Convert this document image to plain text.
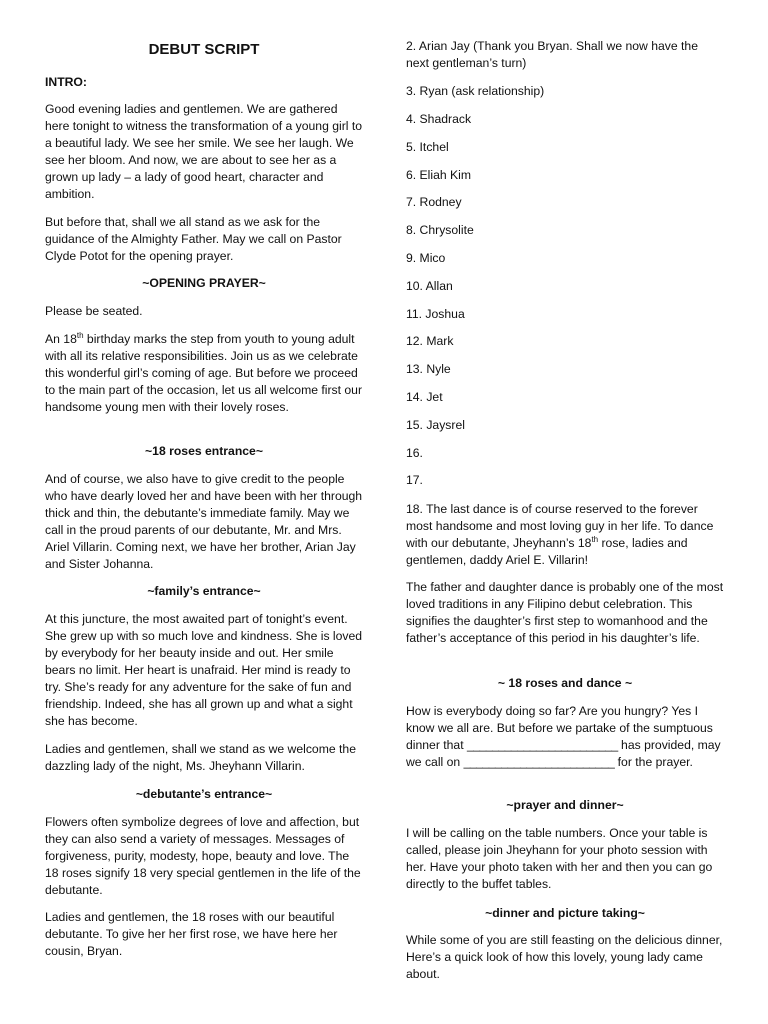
DEBUT SCRIPT

INTRO:

Good evening ladies and gentlemen. We are gathered here tonight to witness the transformation of a young girl to a beautiful lady. We see her smile. We see her laugh. We see her bloom. And now, we are about to see her as a grown up lady – a lady of good heart, character and ambition.

But before that, shall we all stand as we ask for the guidance of the Almighty Father. May we call on Pastor Clyde Potot for the opening prayer.

~OPENING PRAYER~

Please be seated.

An 18th birthday marks the step from youth to young adult with all its relative responsibilities. Join us as we celebrate this wonderful girl’s coming of age. But before we proceed to the main part of the occasion, let us all welcome first our handsome young men with their lovely roses.

~18 roses entrance~

And of course, we also have to give credit to the people who have dearly loved her and have been with her through thick and thin, the debutante’s immediate family. May we call in the proud parents of our debutante, Mr. and Mrs. Ariel Villarin. Coming next, we have her brother, Arian Jay and Sister Johanna.

~family’s entrance~

At this juncture, the most awaited part of tonight’s event. She grew up with so much love and kindness. She is loved by everybody for her beauty inside and out. Her smile bears no limit. Her heart is unafraid. Her mind is ready to try. She’s ready for any adventure for the sake of fun and friendship. Indeed, she has all grown up and what a sight she has become.

Ladies and gentlemen, shall we stand as we welcome the dazzling lady of the night, Ms. Jheyhann Villarin.

~debutante’s entrance~

Flowers often symbolize degrees of love and affection, but they can also send a variety of messages. Messages of forgiveness, purity, modesty, hope, beauty and love. The 18 roses signify 18 very special gentlemen in the life of the debutante.

Ladies and gentlemen, the 18 roses with our beautiful debutante. To give her her first rose, we have here her cousin, Bryan.

2. Arian Jay (Thank you Bryan. Shall we now have the next gentleman’s turn)

3. Ryan (ask relationship)

4. Shadrack

5. Itchel

6. Eliah Kim

7. Rodney

8. Chrysolite

9. Mico

10. Allan

11. Joshua

12. Mark

13. Nyle

14. Jet

15. Jaysrel

16.

17.

18. The last dance is of course reserved to the forever most handsome and most loving guy in her life. To dance with our debutante, Jheyhann’s 18th rose, ladies and gentlemen, daddy Ariel E. Villarin!

The father and daughter dance is probably one of the most loved traditions in any Filipino debut celebration. This signifies the daughter’s first step to womanhood and the father’s acceptance of this period in his daughter’s life.

~ 18 roses and dance ~

How is everybody doing so far? Are you hungry? Yes I know we all are. But before we partake of the sumptuous dinner that ________________________ has provided, may we call on ________________________ for the prayer.

~prayer and dinner~

I will be calling on the table numbers. Once your table is called, please join Jheyhann for your photo session with her. Have your photo taken with her and then you can go directly to the buffet tables.

~dinner and picture taking~

While some of you are still feasting on the delicious dinner, Here’s a quick look of how this lovely, young lady came about.
